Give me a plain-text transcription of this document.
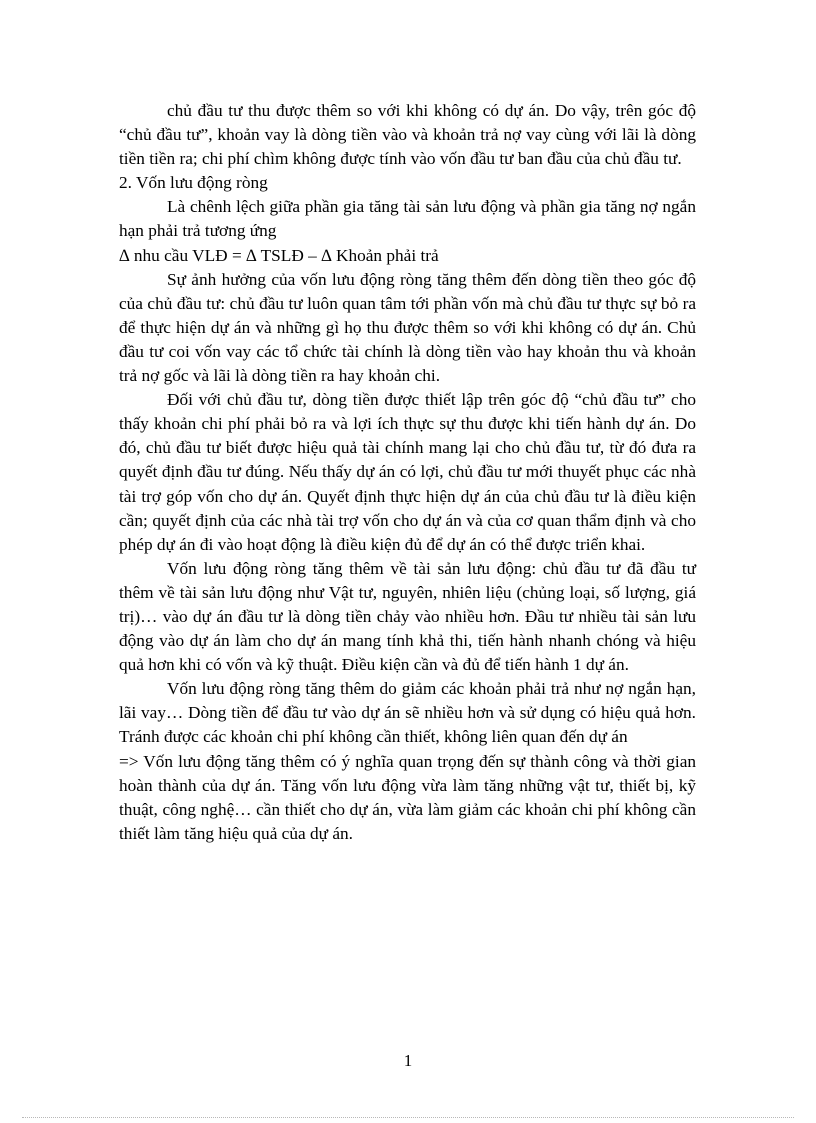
chủ đầu tư thu được thêm so với khi không có dự án. Do vậy, trên góc độ “chủ đầu tư”, khoản vay là dòng tiền vào và khoản trả nợ vay cùng với lãi là dòng tiền tiền ra; chi phí chìm không được tính vào vốn đầu tư ban đầu của chủ đầu tư.

2. Vốn lưu động ròng

Là chênh lệch giữa phần gia tăng tài sản lưu động và phần gia tăng nợ ngắn hạn phải trả tương ứng

∆ nhu cầu VLĐ = ∆ TSLĐ – ∆ Khoản phải trả

Sự ảnh hưởng của vốn lưu động ròng tăng thêm đến dòng tiền theo góc độ của chủ đầu tư: chủ đầu tư luôn quan tâm tới phần vốn mà chủ đầu tư thực sự bỏ ra để thực hiện dự án và những gì họ thu được thêm so với khi không có dự án. Chủ đầu tư coi vốn vay các tổ chức tài chính là dòng tiền vào hay khoản thu và khoản trả nợ gốc và lãi là dòng tiền ra hay khoản chi.

Đối với chủ đầu tư, dòng tiền được thiết lập trên góc độ “chủ đầu tư” cho thấy khoản chi phí phải bỏ ra và lợi ích thực sự thu được khi tiến hành dự án. Do đó, chủ đầu tư biết được hiệu quả tài chính mang lại cho chủ đầu tư, từ đó đưa ra quyết định đầu tư đúng. Nếu thấy dự án có lợi, chủ đầu tư mới thuyết phục các nhà tài trợ góp vốn cho dự án. Quyết định thực hiện dự án của chủ đầu tư là điều kiện cần; quyết định của các nhà tài trợ vốn cho dự án và của cơ quan thẩm định và cho phép dự án đi vào hoạt động là điều kiện đủ để dự án có thể được triển khai.

Vốn lưu động ròng tăng thêm về tài sản lưu động: chủ đầu tư đã đầu tư thêm về tài sản lưu động như Vật tư, nguyên, nhiên liệu (chủng loại, số lượng, giá trị)… vào dự án đầu tư là dòng tiền chảy vào nhiều hơn. Đầu tư nhiều tài sản lưu động vào dự án làm cho dự án mang tính khả thi, tiến hành nhanh chóng và hiệu quả hơn khi có vốn và kỹ thuật. Điều kiện cần và đủ để tiến hành 1 dự án.

Vốn lưu động ròng tăng thêm do giảm các khoản phải trả như nợ ngắn hạn, lãi vay… Dòng tiền để đầu tư vào dự án sẽ nhiều hơn và sử dụng có hiệu quả hơn. Tránh được các khoản chi phí không cần thiết, không liên quan đến dự án

=> Vốn lưu động tăng thêm có ý nghĩa quan trọng đến sự thành công và thời gian hoàn thành của dự án. Tăng vốn lưu động vừa làm tăng những vật tư, thiết bị, kỹ thuật, công nghệ… cần thiết cho dự án, vừa làm giảm các khoản chi phí không cần thiết làm tăng hiệu quả của dự án.

1
